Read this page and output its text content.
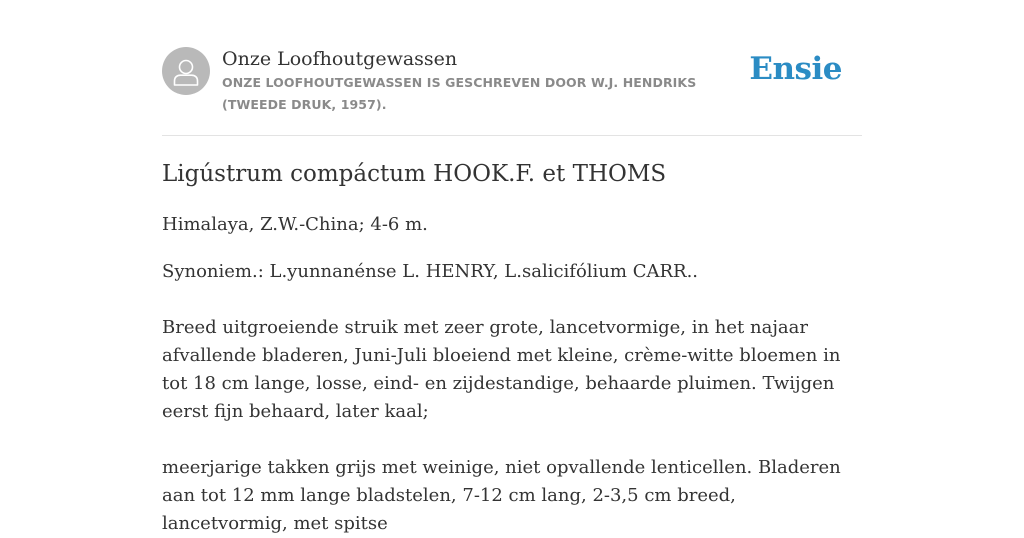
Onze Loofhoutgewassen
ONZE LOOFHOUTGEWASSEN IS GESCHREVEN DOOR W.J. HENDRIKS (TWEEDE DRUK, 1957).
Ensie
Ligústrum compáctum HOOK.F. et THOMS

Himalaya, Z.W.-China; 4-6 m.

Synoniem.: L.yunnanénse L. HENRY, L.salicifólium CARR..

Breed uitgroeiende struik met zeer grote, lancetvormige, in het najaar afvallende bladeren, Juni-Juli bloeiend met kleine, crème-witte bloemen in tot 18 cm lange, losse, eind- en zijdestandige, behaarde pluimen. Twijgen eerst fijn behaard, later kaal;

meerjarige takken grijs met weinige, niet opvallende lenticellen. Bladeren aan tot 12 mm lange bladstelen, 7-12 cm lang, 2-3,5 cm breed, lancetvormig, met spitse
